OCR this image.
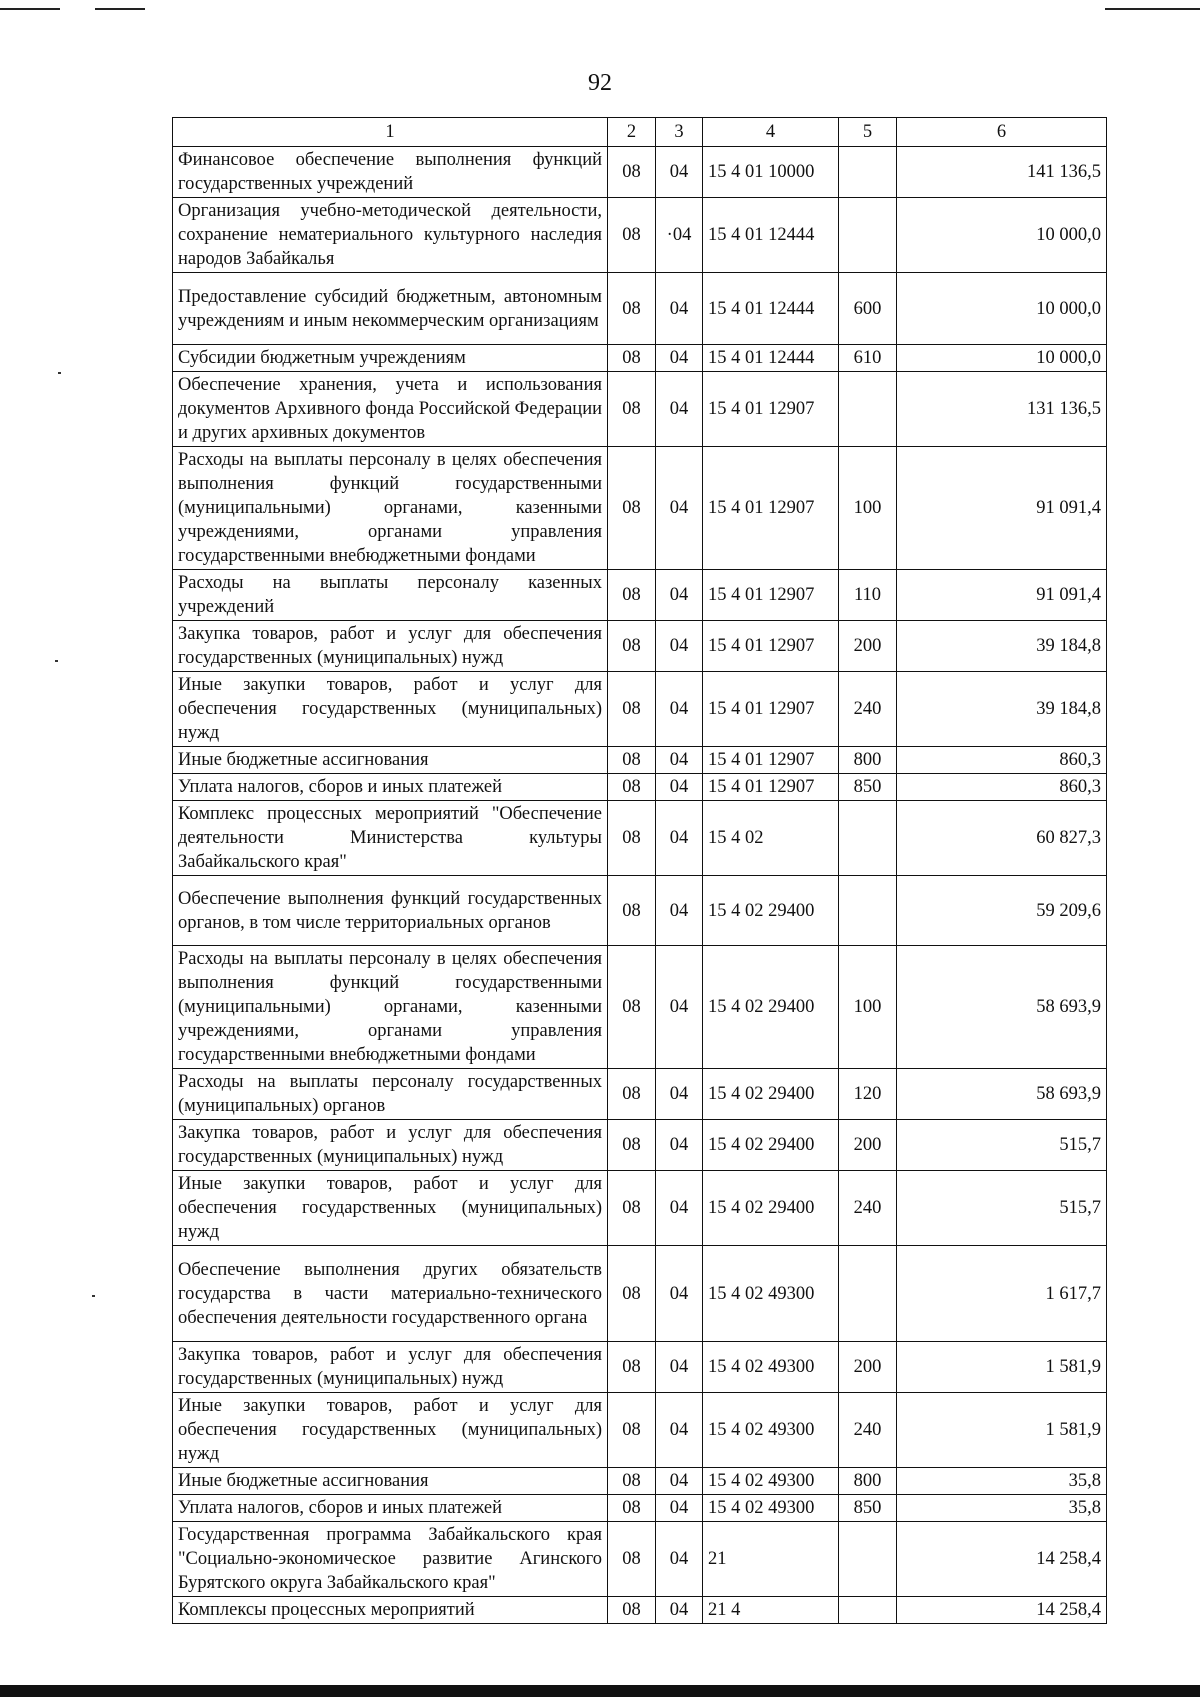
92
1	2	3	4	5	6
Финансовое обеспечение выполнения функций государственных учреждений	08	04	15 4 01 10000		141 136,5
Организация учебно-методической деятельности, сохранение нематериального культурного наследия народов Забайкалья	08	·04	15 4 01 12444		10 000,0
Предоставление субсидий бюджетным, автономным учреждениям и иным некоммерческим организациям	08	04	15 4 01 12444	600	10 000,0
Субсидии бюджетным учреждениям	08	04	15 4 01 12444	610	10 000,0
Обеспечение хранения, учета и использования документов Архивного фонда Российской Федерации и других архивных документов	08	04	15 4 01 12907		131 136,5
Расходы на выплаты персоналу в целях обеспечения выполнения функций государственными (муниципальными) органами, казенными учреждениями, органами управления государственными внебюджетными фондами	08	04	15 4 01 12907	100	91 091,4
Расходы на выплаты персоналу казенных учреждений	08	04	15 4 01 12907	110	91 091,4
Закупка товаров, работ и услуг для обеспечения государственных (муниципальных) нужд	08	04	15 4 01 12907	200	39 184,8
Иные закупки товаров, работ и услуг для обеспечения государственных (муниципальных) нужд	08	04	15 4 01 12907	240	39 184,8
Иные бюджетные ассигнования	08	04	15 4 01 12907	800	860,3
Уплата налогов, сборов и иных платежей	08	04	15 4 01 12907	850	860,3
Комплекс процессных мероприятий "Обеспечение деятельности Министерства культуры Забайкальского края"	08	04	15 4 02		60 827,3
Обеспечение выполнения функций государственных органов, в том числе территориальных органов	08	04	15 4 02 29400		59 209,6
Расходы на выплаты персоналу в целях обеспечения выполнения функций государственными (муниципальными) органами, казенными учреждениями, органами управления государственными внебюджетными фондами	08	04	15 4 02 29400	100	58 693,9
Расходы на выплаты персоналу государственных (муниципальных) органов	08	04	15 4 02 29400	120	58 693,9
Закупка товаров, работ и услуг для обеспечения государственных (муниципальных) нужд	08	04	15 4 02 29400	200	515,7
Иные закупки товаров, работ и услуг для обеспечения государственных (муниципальных) нужд	08	04	15 4 02 29400	240	515,7
Обеспечение выполнения других обязательств государства в части материально-технического обеспечения деятельности государственного органа	08	04	15 4 02 49300		1 617,7
Закупка товаров, работ и услуг для обеспечения государственных (муниципальных) нужд	08	04	15 4 02 49300	200	1 581,9
Иные закупки товаров, работ и услуг для обеспечения государственных (муниципальных) нужд	08	04	15 4 02 49300	240	1 581,9
Иные бюджетные ассигнования	08	04	15 4 02 49300	800	35,8
Уплата налогов, сборов и иных платежей	08	04	15 4 02 49300	850	35,8
Государственная программа Забайкальского края "Социально-экономическое развитие Агинского Бурятского округа Забайкальского края"	08	04	21		14 258,4
Комплексы процессных мероприятий	08	04	21 4		14 258,4
